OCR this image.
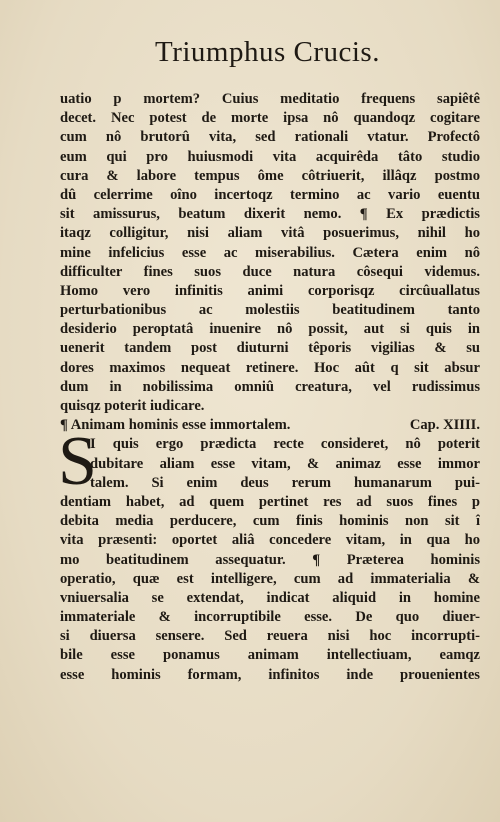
Triumphus Crucis.
uatio p mortem? Cuius meditatio frequens sapiêtê
decet. Nec potest de morte ipsa nô quandoqz cogitare
cum nô brutorû vita, sed rationali vtatur. Profectô
eum qui pro huiusmodi vita acquirêda tâto studio
cura & labore tempus ôme côtriuerit, illâqz postmo
dû celerrime oîno incertoqz termino ac vario euentu
sit amissurus, beatum dixerit nemo. ¶ Ex prædictis
itaqz colligitur, nisi aliam vitâ posuerimus, nihil ho
mine infelicius esse ac miserabilius. Cætera enim nô
difficulter fines suos duce natura côsequi videmus.
Homo vero infinitis animi corporisqz circûuallatus
perturbationibus ac molestiis beatitudinem tanto
desiderio peroptatâ inuenire nô possit, aut si quis in
uenerit tandem post diuturni têporis vigilias & su
dores maximos nequeat retinere. Hoc aût q sit absur
dum in nobilissima omniû creatura, vel rudissimus
quisqz poterit iudicare.
¶ Animam hominis esse immortalem.	Cap. XIIII.
S
I quis ergo prædicta recte consideret, nô poterit
dubitare aliam esse vitam, & animaz esse immor
talem. Si enim deus rerum humanarum pui-
dentiam habet, ad quem pertinet res ad suos fines p
debita media perducere, cum finis hominis non sit î
vita præsenti: oportet aliâ concedere vitam, in qua ho
mo beatitudinem assequatur. ¶ Præterea hominis
operatio, quæ est intelligere, cum ad immaterialia &
vniuersalia se extendat, indicat aliquid in homine
immateriale & incorruptibile esse. De quo diuer-
si diuersa sensere. Sed reuera nisi hoc incorrupti-
bile esse ponamus animam intellectiuam, eamqz
esse hominis formam, infinitos inde prouenientes
